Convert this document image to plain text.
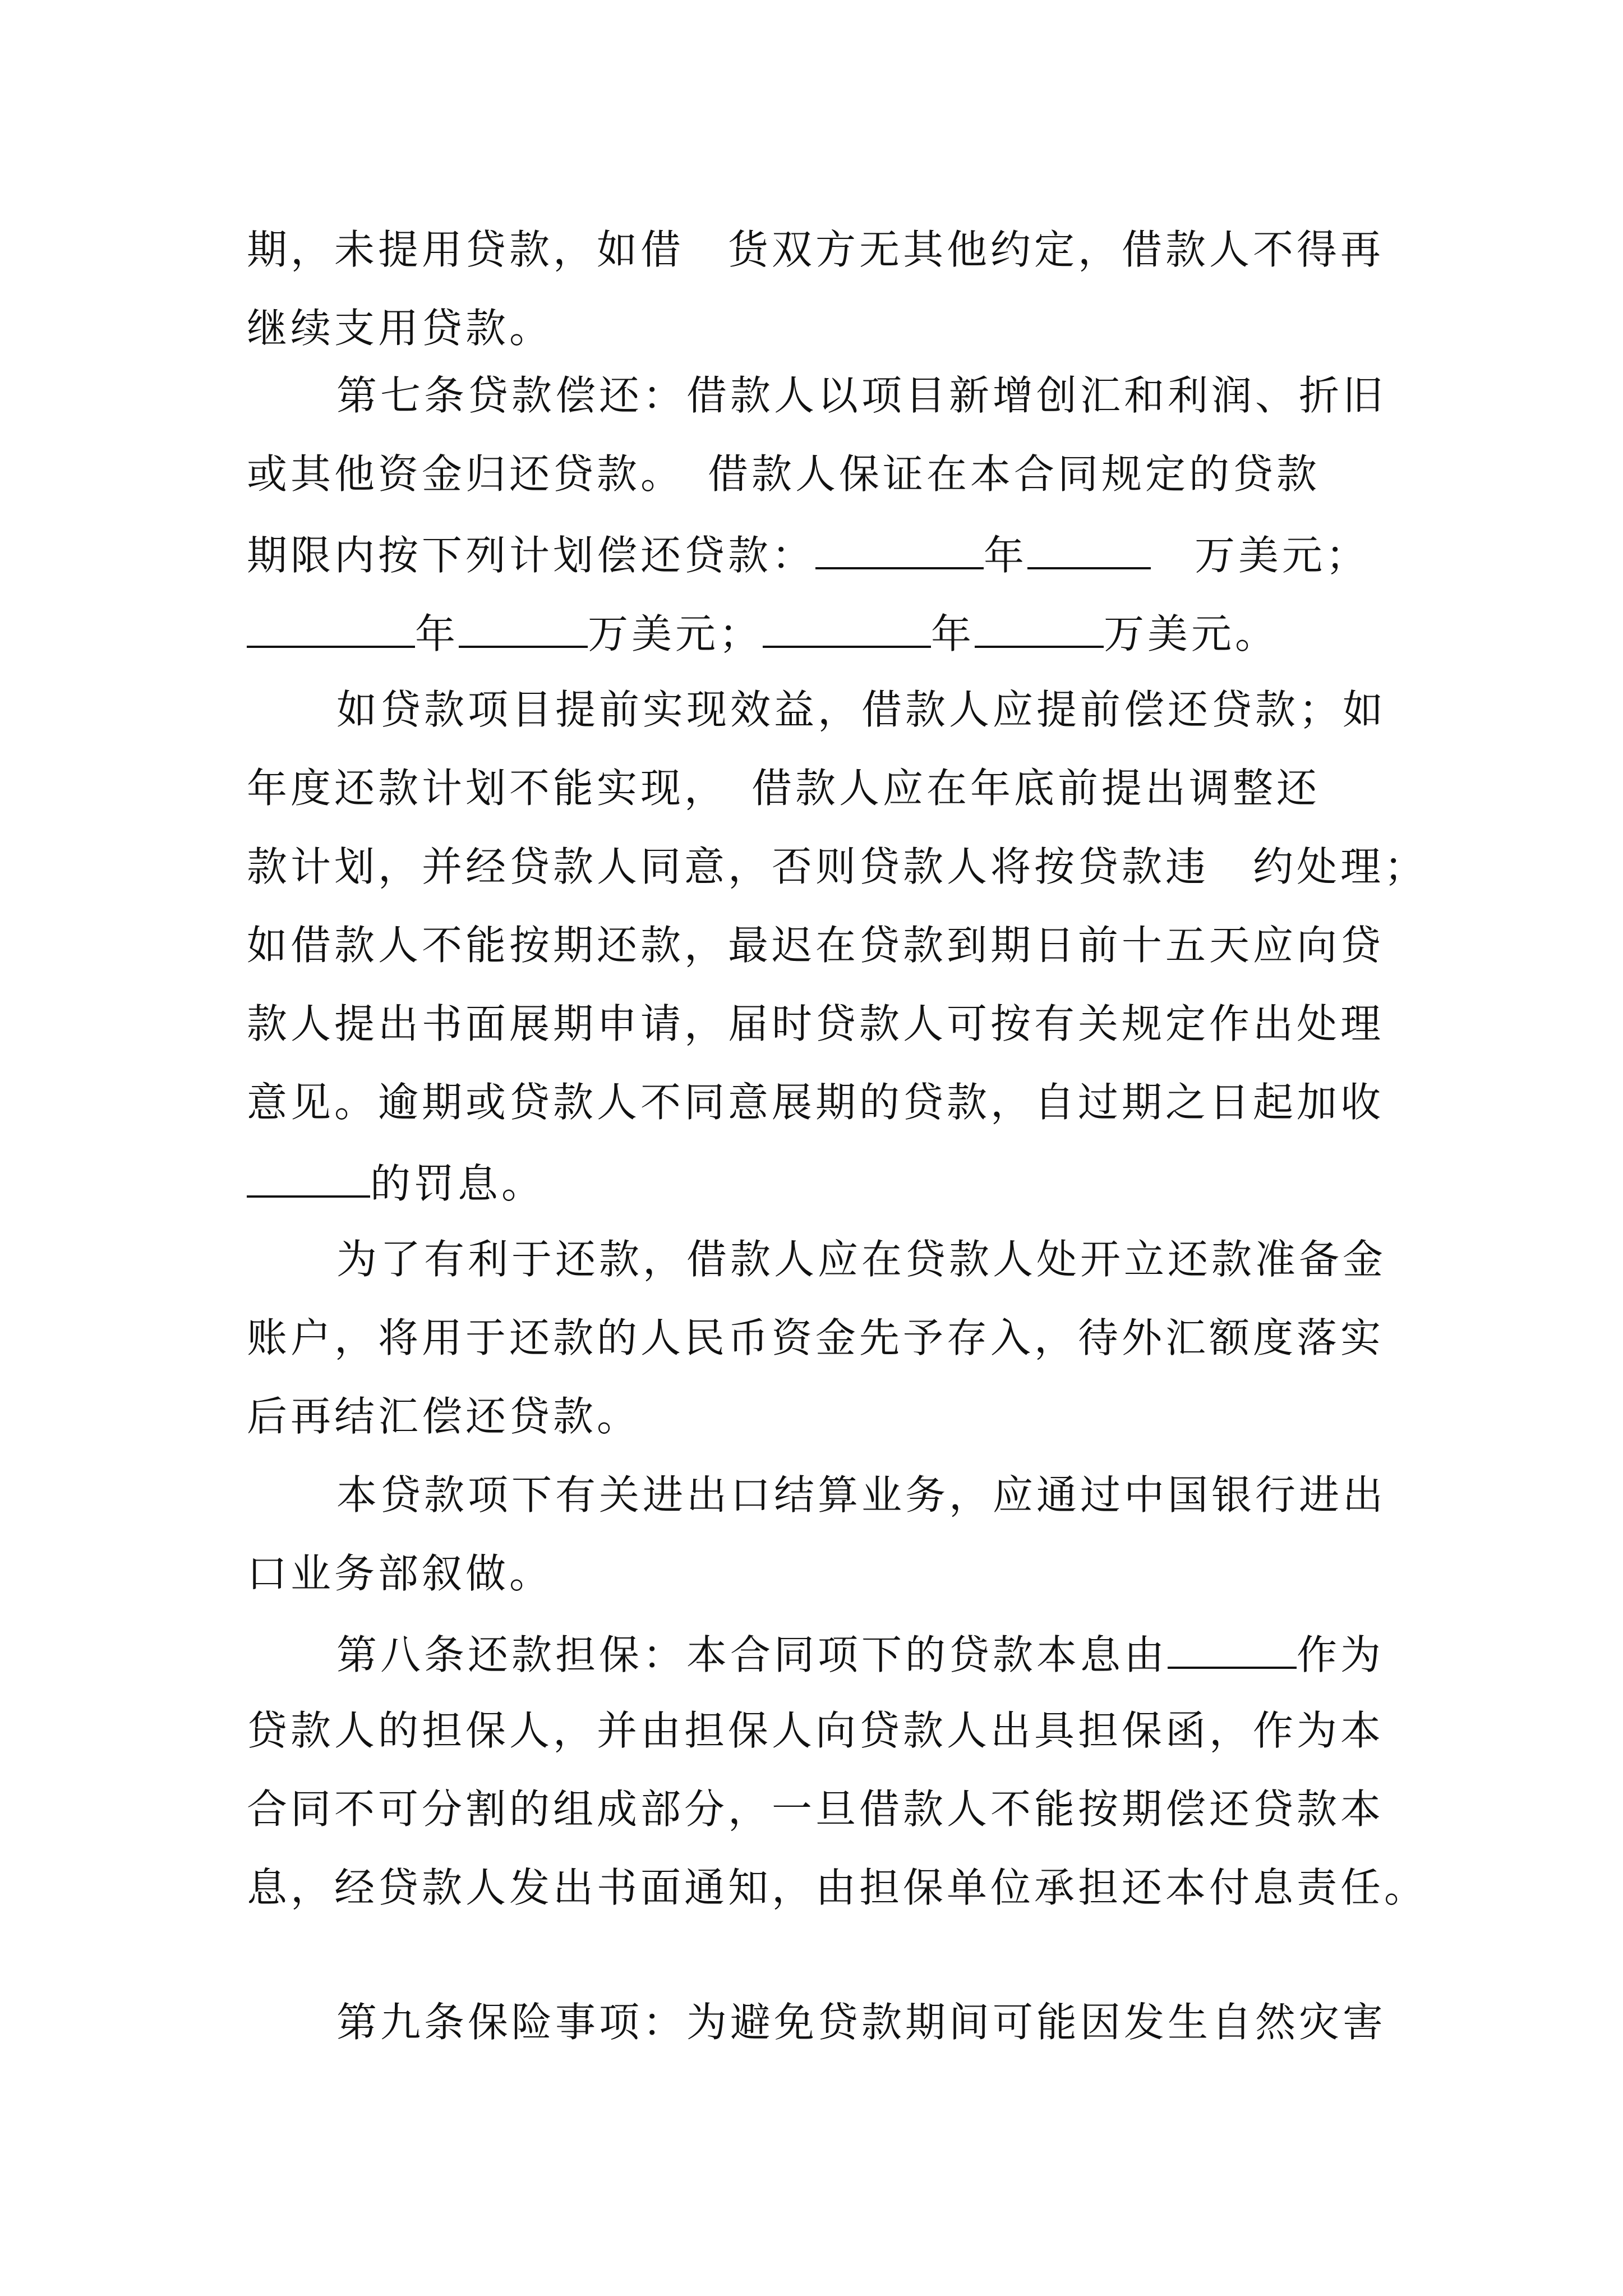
期，未提用贷款，如借　货双方无其他约定，借款人不得再
继续支用贷款。
第七条贷款偿还：借款人以项目新增创汇和利润、折旧
或其他资金归还贷款。　借款人保证在本合同规定的贷款
期限内按下列计划偿还贷款：	年	　万美元；
年	万美元；	年	万美元。
如贷款项目提前实现效益，借款人应提前偿还贷款；如
年度还款计划不能实现，　借款人应在年底前提出调整还
款计划，并经贷款人同意，否则贷款人将按贷款违　约处理；
如借款人不能按期还款，最迟在贷款到期日前十五天应向贷
款人提出书面展期申请，届时贷款人可按有关规定作出处理
意见。逾期或贷款人不同意展期的贷款，自过期之日起加收
的罚息。
为了有利于还款，借款人应在贷款人处开立还款准备金
账户，将用于还款的人民币资金先予存入，待外汇额度落实
后再结汇偿还贷款。
本贷款项下有关进出口结算业务，应通过中国银行进出
口业务部叙做。
第八条还款担保：本合同项下的贷款本息由	作为
贷款人的担保人，并由担保人向贷款人出具担保函，作为本
合同不可分割的组成部分，一旦借款人不能按期偿还贷款本
息，经贷款人发出书面通知，由担保单位承担还本付息责任。
第九条保险事项：为避免贷款期间可能因发生自然灾害
